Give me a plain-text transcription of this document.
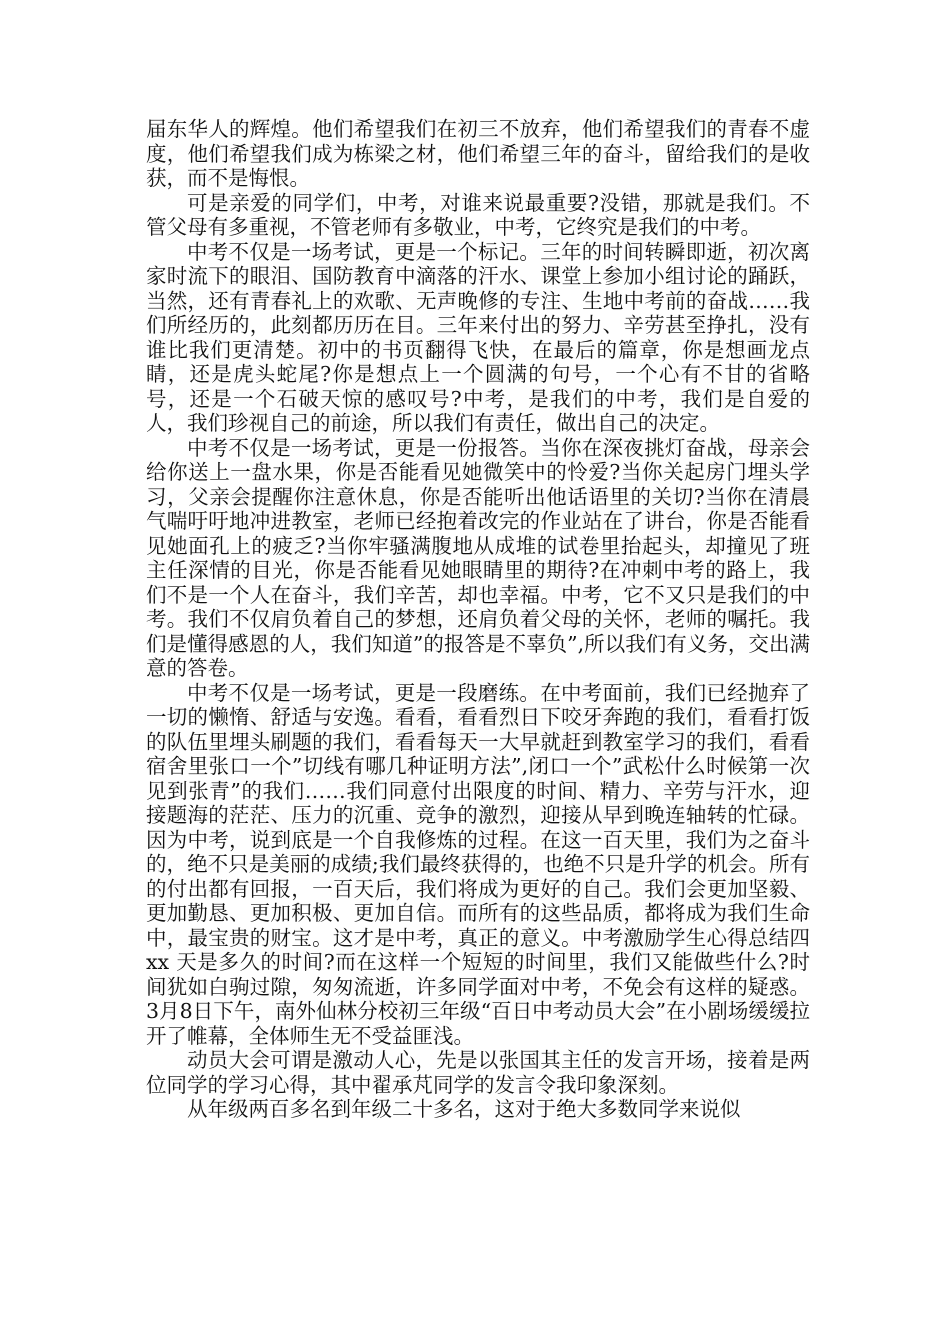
届东华人的辉煌。他们希望我们在初三不放弃，他们希望我们的青春不虚度，他们希望我们成为栋梁之材，他们希望三年的奋斗，留给我们的是收获，而不是悔恨。

可是亲爱的同学们，中考，对谁来说最重要?没错，那就是我们。不管父母有多重视，不管老师有多敬业，中考，它终究是我们的中考。

中考不仅是一场考试，更是一个标记。三年的时间转瞬即逝，初次离家时流下的眼泪、国防教育中滴落的汗水、课堂上参加小组讨论的踊跃，当然，还有青春礼上的欢歌、无声晚修的专注、生地中考前的奋战……我们所经历的，此刻都历历在目。三年来付出的努力、辛劳甚至挣扎，没有谁比我们更清楚。初中的书页翻得飞快，在最后的篇章，你是想画龙点睛，还是虎头蛇尾?你是想点上一个圆满的句号，一个心有不甘的省略号，还是一个石破天惊的感叹号?中考，是我们的中考，我们是自爱的人，我们珍视自己的前途，所以我们有责任，做出自己的决定。

中考不仅是一场考试，更是一份报答。当你在深夜挑灯奋战，母亲会给你送上一盘水果，你是否能看见她微笑中的怜爱?当你关起房门埋头学习，父亲会提醒你注意休息，你是否能听出他话语里的关切?当你在清晨气喘吁吁地冲进教室，老师已经抱着改完的作业站在了讲台，你是否能看见她面孔上的疲乏?当你牢骚满腹地从成堆的试卷里抬起头，却撞见了班主任深情的目光，你是否能看见她眼睛里的期待?在冲刺中考的路上，我们不是一个人在奋斗，我们辛苦，却也幸福。中考，它不又只是我们的中考。我们不仅肩负着自己的梦想，还肩负着父母的关怀，老师的嘱托。我们是懂得感恩的人，我们知道”的报答是不辜负”,所以我们有义务，交出满意的答卷。

中考不仅是一场考试，更是一段磨练。在中考面前，我们已经抛弃了一切的懒惰、舒适与安逸。看看，看看烈日下咬牙奔跑的我们，看看打饭的队伍里埋头刷题的我们，看看每天一大早就赶到教室学习的我们，看看宿舍里张口一个”切线有哪几种证明方法”,闭口一个”武松什么时候第一次见到张青”的我们……我们同意付出限度的时间、精力、辛劳与汗水，迎接题海的茫茫、压力的沉重、竞争的激烈，迎接从早到晚连轴转的忙碌。因为中考，说到底是一个自我修炼的过程。在这一百天里，我们为之奋斗的，绝不只是美丽的成绩;我们最终获得的，也绝不只是升学的机会。所有的付出都有回报，一百天后，我们将成为更好的自己。我们会更加坚毅、更加勤恳、更加积极、更加自信。而所有的这些品质，都将成为我们生命中，最宝贵的财宝。这才是中考，真正的意义。中考激励学生心得总结四 xx 天是多久的时间?而在这样一个短短的时间里，我们又能做些什么?时间犹如白驹过隙，匆匆流逝，许多同学面对中考，不免会有这样的疑惑。3月8日下午，南外仙林分校初三年级“百日中考动员大会”在小剧场缓缓拉开了帷幕，全体师生无不受益匪浅。

动员大会可谓是激动人心，先是以张国其主任的发言开场，接着是两位同学的学习心得，其中翟承芃同学的发言令我印象深刻。

从年级两百多名到年级二十多名，这对于绝大多数同学来说似
